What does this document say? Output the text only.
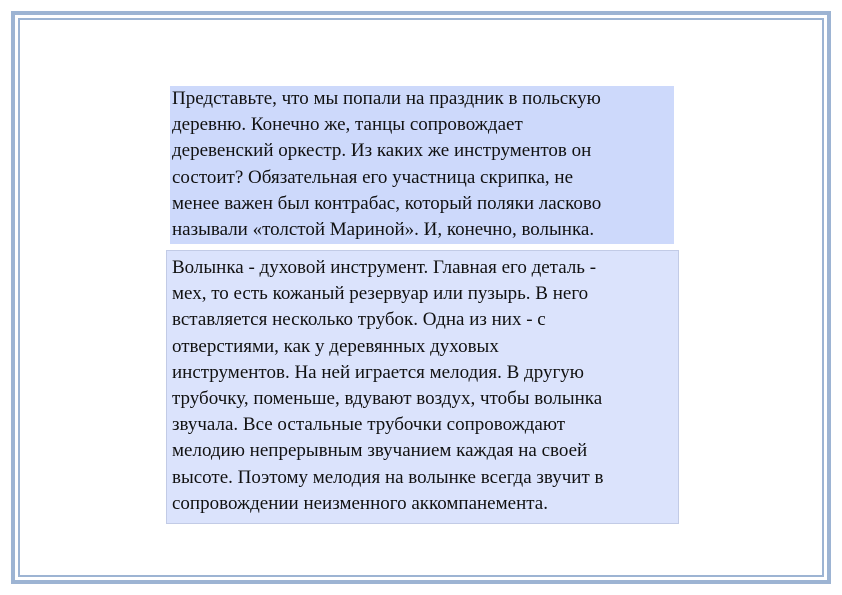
Представьте, что мы попали на праздник в польскую

деревню. Конечно же, танцы сопровождает

деревенский оркестр. Из каких же инструментов он

состоит? Обязательная его участница скрипка, не

менее важен был контрабас, который поляки ласково

называли «толстой Мариной». И, конечно, волынка.

Волынка - духовой инструмент. Главная его деталь -

мех, то есть кожаный резервуар или пузырь. В него

вставляется несколько трубок. Одна из них - с

отверстиями, как у деревянных духовых

инструментов. На ней играется мелодия. В другую

трубочку, поменьше, вдувают воздух, чтобы волынка

звучала. Все остальные трубочки сопровождают

мелодию непрерывным звучанием каждая на своей

высоте. Поэтому мелодия на волынке всегда звучит в

сопровождении неизменного аккомпанемента.
